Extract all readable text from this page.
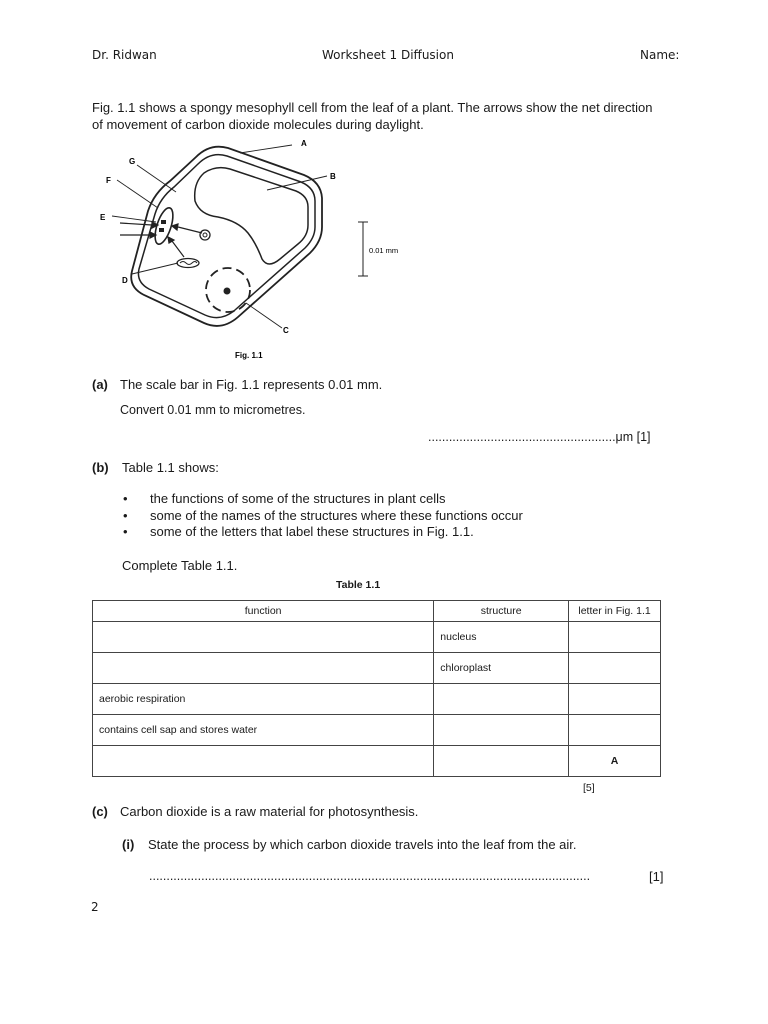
Dr. Ridwan	Worksheet 1 Diffusion	Name:
Fig. 1.1 shows a spongy mesophyll cell from the leaf of a plant. The arrows show the net direction
of movement of carbon dioxide molecules during daylight.
A
B
C
D
E
F
G
0.01 mm
Fig. 1.1
(a) The scale bar in Fig. 1.1 represents 0.01 mm.
Convert 0.01 mm to micrometres.
......................................................μm [1]
(b) Table 1.1 shows:
• the functions of some of the structures in plant cells
• some of the names of the structures where these functions occur
• some of the letters that label these structures in Fig. 1.1.
Complete Table 1.1.
Table 1.1
function	structure	letter in Fig. 1.1
	nucleus	
	chloroplast	
aerobic respiration		
contains cell sap and stores water		
		A
[5]
(c) Carbon dioxide is a raw material for photosynthesis.
(i) State the process by which carbon dioxide travels into the leaf from the air.
...............................................................................................................................	[1]
2
